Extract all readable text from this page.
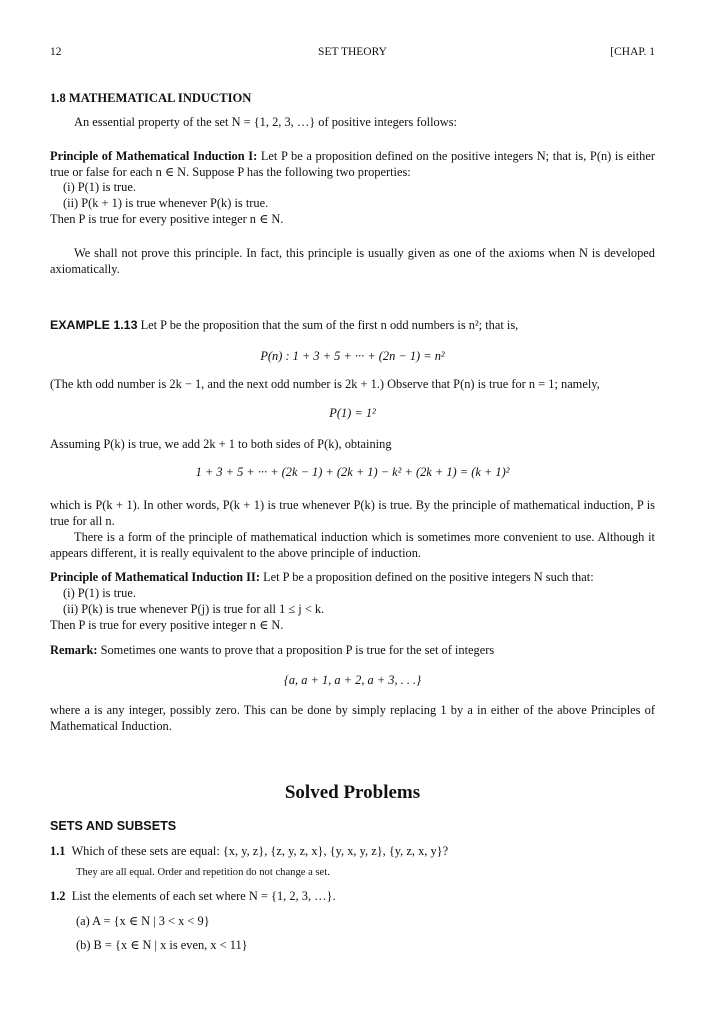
12	SET THEORY	[CHAP. 1
1.8 MATHEMATICAL INDUCTION
An essential property of the set N = {1, 2, 3, …} of positive integers follows:
Principle of Mathematical Induction I: Let P be a proposition defined on the positive integers N; that is, P(n) is either true or false for each n ∈ N. Suppose P has the following two properties:
(i) P(1) is true.
(ii) P(k + 1) is true whenever P(k) is true.
Then P is true for every positive integer n ∈ N.
We shall not prove this principle. In fact, this principle is usually given as one of the axioms when N is developed axiomatically.
EXAMPLE 1.13 Let P be the proposition that the sum of the first n odd numbers is n²; that is,
P(n) : 1 + 3 + 5 + ··· + (2n − 1) = n²
(The kth odd number is 2k − 1, and the next odd number is 2k + 1.) Observe that P(n) is true for n = 1; namely,
P(1) = 1²
Assuming P(k) is true, we add 2k + 1 to both sides of P(k), obtaining
1 + 3 + 5 + ··· + (2k − 1) + (2k + 1) − k² + (2k + 1) = (k + 1)²
which is P(k + 1). In other words, P(k + 1) is true whenever P(k) is true. By the principle of mathematical induction, P is true for all n.
There is a form of the principle of mathematical induction which is sometimes more convenient to use. Although it appears different, it is really equivalent to the above principle of induction.
Principle of Mathematical Induction II: Let P be a proposition defined on the positive integers N such that:
(i) P(1) is true.
(ii) P(k) is true whenever P(j) is true for all 1 ≤ j < k.
Then P is true for every positive integer n ∈ N.
Remark: Sometimes one wants to prove that a proposition P is true for the set of integers
{a, a + 1, a + 2, a + 3, . . .}
where a is any integer, possibly zero. This can be done by simply replacing 1 by a in either of the above Principles of Mathematical Induction.
Solved Problems
SETS AND SUBSETS
1.1 Which of these sets are equal: {x, y, z}, {z, y, z, x}, {y, x, y, z}, {y, z, x, y}?
They are all equal. Order and repetition do not change a set.
1.2 List the elements of each set where N = {1, 2, 3, …}.
(a) A = {x ∈ N | 3 < x < 9}
(b) B = {x ∈ N | x is even, x < 11}
